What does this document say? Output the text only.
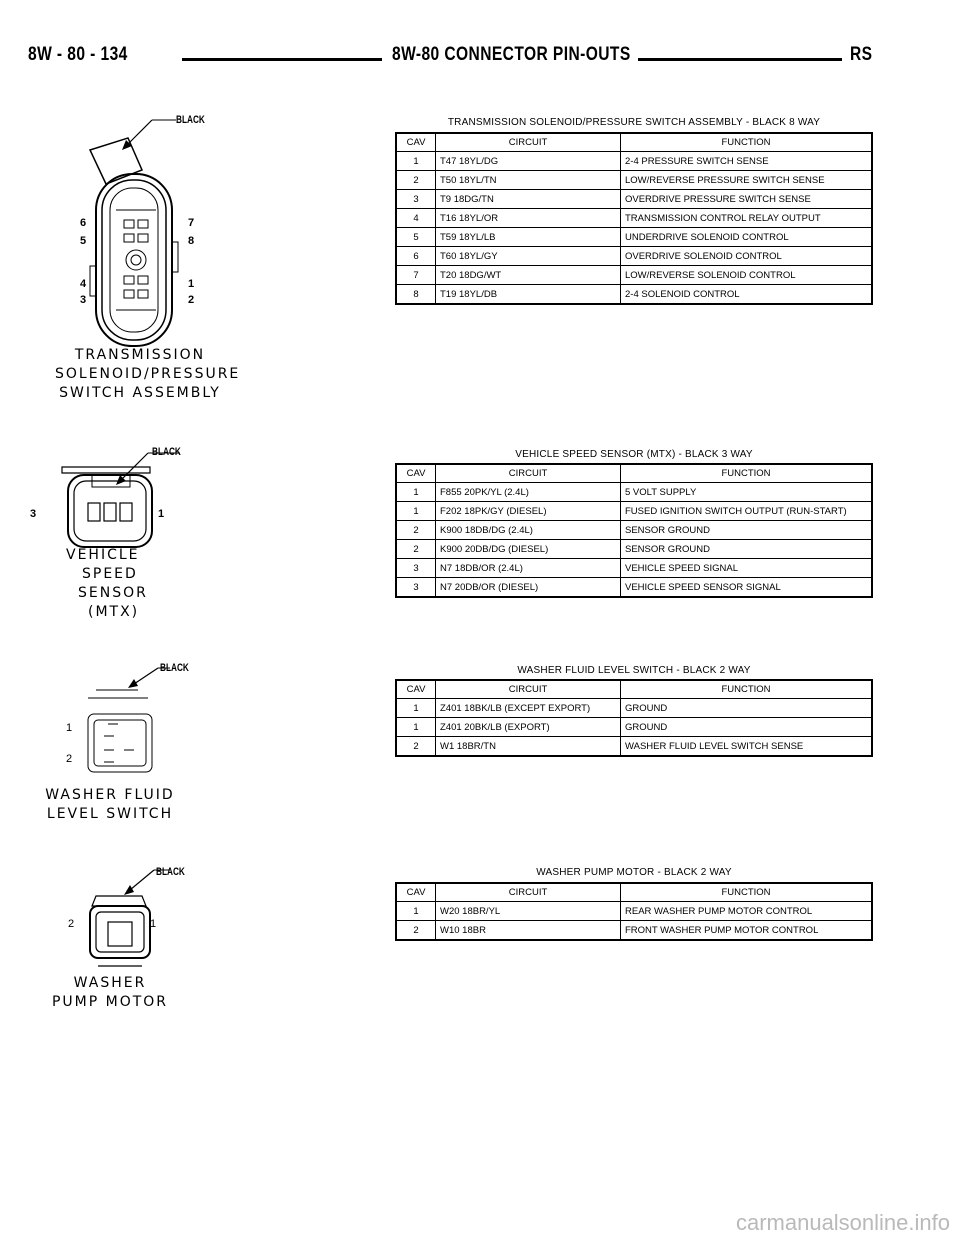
8W - 80 - 134	8W-80 CONNECTOR PIN-OUTS	RS
BLACK
6
5
4
3
7
8
1
2
TRANSMISSION
SOLENOID/PRESSURE
SWITCH ASSEMBLY
TRANSMISSION SOLENOID/PRESSURE SWITCH ASSEMBLY - BLACK 8 WAY
CAV	CIRCUIT	FUNCTION
1	T47 18YL/DG	2-4 PRESSURE SWITCH SENSE
2	T50 18YL/TN	LOW/REVERSE PRESSURE SWITCH SENSE
3	T9 18DG/TN	OVERDRIVE PRESSURE SWITCH SENSE
4	T16 18YL/OR	TRANSMISSION CONTROL RELAY OUTPUT
5	T59 18YL/LB	UNDERDRIVE SOLENOID CONTROL
6	T60 18YL/GY	OVERDRIVE SOLENOID CONTROL
7	T20 18DG/WT	LOW/REVERSE SOLENOID CONTROL
8	T19 18YL/DB	2-4 SOLENOID CONTROL
BLACK
3	1
VEHICLE
SPEED
SENSOR
(MTX)
VEHICLE SPEED SENSOR (MTX) - BLACK 3 WAY
CAV	CIRCUIT	FUNCTION
1	F855 20PK/YL (2.4L)	5 VOLT SUPPLY
1	F202 18PK/GY (DIESEL)	FUSED IGNITION SWITCH OUTPUT (RUN-START)
2	K900 18DB/DG (2.4L)	SENSOR GROUND
2	K900 20DB/DG (DIESEL)	SENSOR GROUND
3	N7 18DB/OR (2.4L)	VEHICLE SPEED SIGNAL
3	N7 20DB/OR (DIESEL)	VEHICLE SPEED SENSOR SIGNAL
BLACK
1
2
WASHER FLUID
LEVEL SWITCH
WASHER FLUID LEVEL SWITCH - BLACK 2 WAY
CAV	CIRCUIT	FUNCTION
1	Z401 18BK/LB (EXCEPT EXPORT)	GROUND
1	Z401 20BK/LB (EXPORT)	GROUND
2	W1 18BR/TN	WASHER FLUID LEVEL SWITCH SENSE
BLACK
2	1
WASHER
PUMP MOTOR
WASHER PUMP MOTOR - BLACK 2 WAY
CAV	CIRCUIT	FUNCTION
1	W20 18BR/YL	REAR WASHER PUMP MOTOR CONTROL
2	W10 18BR	FRONT WASHER PUMP MOTOR CONTROL
carmanualsonline.info
